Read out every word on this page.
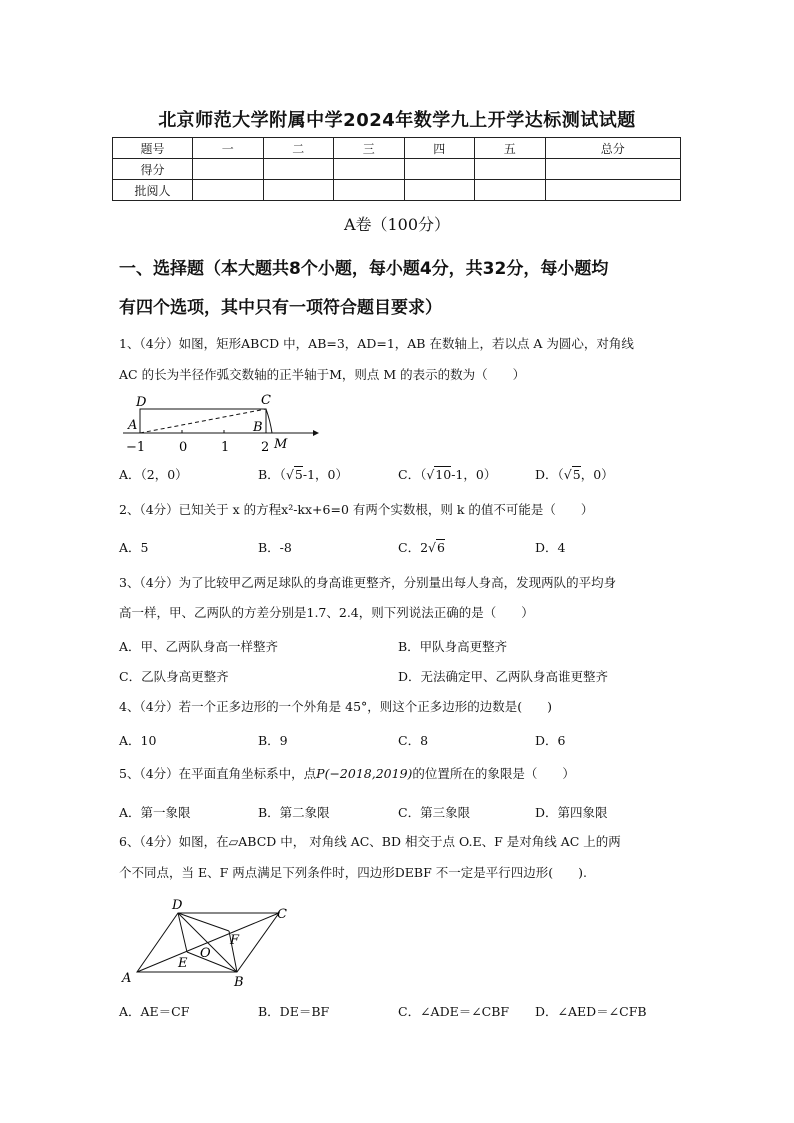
北京师范大学附属中学2024年数学九上开学达标测试试题
题号	一	二	三	四	五	总分
得分						
批阅人						
A卷（100分）
一、选择题（本大题共8个小题，每小题4分，共32分，每小题均
有四个选项，其中只有一项符合题目要求）
1、（4分）如图，矩形ABCD 中，AB=3，AD=1，AB 在数轴上，若以点 A 为圆心，对角线
AC 的长为半径作弧交数轴的正半轴于M，则点 M 的表示的数为（　　）
D	C
A	B
M
−1	0	1 2
A．（2，0）	B．（√5-1，0）	C．（√10-1，0）	D．（√5，0）
2、（4分）已知关于 x 的方程x²-kx+6=0 有两个实数根，则 k 的值不可能是（　　）
A．5	B．-8	C．2√6	D．4
3、（4分）为了比较甲乙两足球队的身高谁更整齐，分别量出每人身高，发现两队的平均身
高一样，甲、乙两队的方差分别是1.7、2.4，则下列说法正确的是（　　）
A．甲、乙两队身高一样整齐	B．甲队身高更整齐
C．乙队身高更整齐	D．无法确定甲、乙两队身高谁更整齐
4、（4分）若一个正多边形的一个外角是 45°，则这个正多边形的边数是(　　)
A．10	B．9	C．8	D．6
5、（4分）在平面直角坐标系中，点P(−2018,2019)的位置所在的象限是（　　）
A．第一象限	B．第二象限	C．第三象限	D．第四象限
6、（4分）如图，在▱ABCD 中， 对角线 AC、BD 相交于点 O.E、F 是对角线 AC 上的两
个不同点，当 E、F 两点满足下列条件时，四边形DEBF 不一定是平行四边形(　　).
D
C
A	B
E
F
O
A．AE＝CF	B．DE＝BF	C．∠ADE＝∠CBF D．∠AED＝∠CFB
